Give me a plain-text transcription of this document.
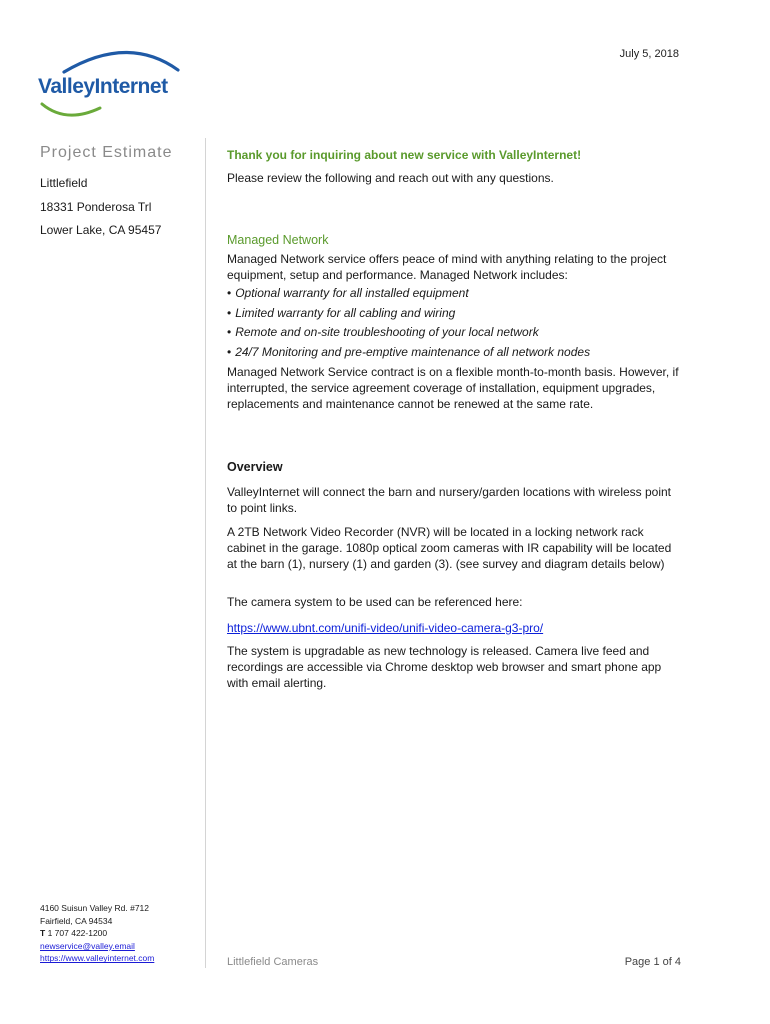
ValleyInternet
July 5, 2018
Project Estimate
Littlefield
18331 Ponderosa Trl
Lower Lake, CA 95457
Thank you for inquiring about new service with ValleyInternet!
Please review the following and reach out with any questions.
Managed Network
Managed Network service offers peace of mind with anything relating to the project equipment, setup and performance. Managed Network includes:
• Optional warranty for all installed equipment
• Limited warranty for all cabling and wiring
• Remote and on-site troubleshooting of your local network
• 24/7 Monitoring and pre-emptive maintenance of all network nodes
Managed Network Service contract is on a flexible month-to-month basis. However, if interrupted, the service agreement coverage of installation, equipment upgrades, replacements and maintenance cannot be renewed at the same rate.
Overview
ValleyInternet will connect the barn and nursery/garden locations with wireless point to point links.
A 2TB Network Video Recorder (NVR) will be located in a locking network rack cabinet in the garage. 1080p optical zoom cameras with IR capability will be located at the barn (1), nursery (1) and garden (3). (see survey and diagram details below)
The camera system to be used can be referenced here:
https://www.ubnt.com/unifi-video/unifi-video-camera-g3-pro/
The system is upgradable as new technology is released. Camera live feed and recordings are accessible via Chrome desktop web browser and smart phone app with email alerting.
4160 Suisun Valley Rd. #712
Fairfield, CA 94534
T 1 707 422-1200
newservice@valley.email
https://www.valleyinternet.com	Littlefield Cameras	Page 1 of 4
